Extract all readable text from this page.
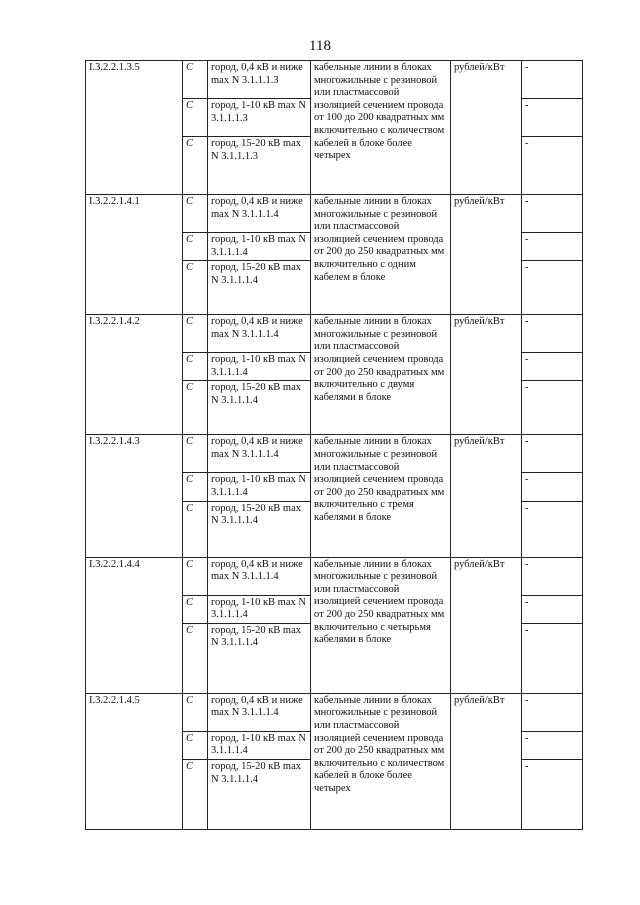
118
I.3.2.2.1.3.5	C	город, 0,4 кВ и ниже max N 3.1.1.1.3	кабельные линии в блоках многожильные с резиновой или пластмассовой изоляцией сечением провода от 100 до 200 квадратных мм включительно с количеством кабелей в блоке более четырех	рублей/кВт	-
	C	город, 1-10 кВ max N 3.1.1.1.3			-
	C	город, 15-20 кВ max N 3.1.1.1.3			-
I.3.2.2.1.4.1	C	город, 0,4 кВ и ниже max N 3.1.1.1.4	кабельные линии в блоках многожильные с резиновой или пластмассовой изоляцией сечением провода от 200 до 250 квадратных мм включительно с одним кабелем в блоке	рублей/кВт	-
	C	город, 1-10 кВ max N 3.1.1.1.4			-
	C	город, 15-20 кВ max N 3.1.1.1.4			-
I.3.2.2.1.4.2	C	город, 0,4 кВ и ниже max N 3.1.1.1.4	кабельные линии в блоках многожильные с резиновой или пластмассовой изоляцией сечением провода от 200 до 250 квадратных мм включительно с двумя кабелями в блоке	рублей/кВт	-
	C	город, 1-10 кВ max N 3.1.1.1.4			-
	C	город, 15-20 кВ max N 3.1.1.1.4			-
I.3.2.2.1.4.3	C	город, 0,4 кВ и ниже max N 3.1.1.1.4	кабельные линии в блоках многожильные с резиновой или пластмассовой изоляцией сечением провода от 200 до 250 квадратных мм включительно с тремя кабелями в блоке	рублей/кВт	-
	C	город, 1-10 кВ max N 3.1.1.1.4			-
	C	город, 15-20 кВ max N 3.1.1.1.4			-
I.3.2.2.1.4.4	C	город, 0,4 кВ и ниже max N 3.1.1.1.4	кабельные линии в блоках многожильные с резиновой или пластмассовой изоляцией сечением провода от 200 до 250 квадратных мм включительно с четырьмя кабелями в блоке	рублей/кВт	-
	C	город, 1-10 кВ max N 3.1.1.1.4			-
	C	город, 15-20 кВ max N 3.1.1.1.4			-
I.3.2.2.1.4.5	C	город, 0,4 кВ и ниже max N 3.1.1.1.4	кабельные линии в блоках многожильные с резиновой или пластмассовой изоляцией сечением провода от 200 до 250 квадратных мм включительно с количеством кабелей в блоке более четырех	рублей/кВт	-
	C	город, 1-10 кВ max N 3.1.1.1.4			-
	C	город, 15-20 кВ max N 3.1.1.1.4			-
